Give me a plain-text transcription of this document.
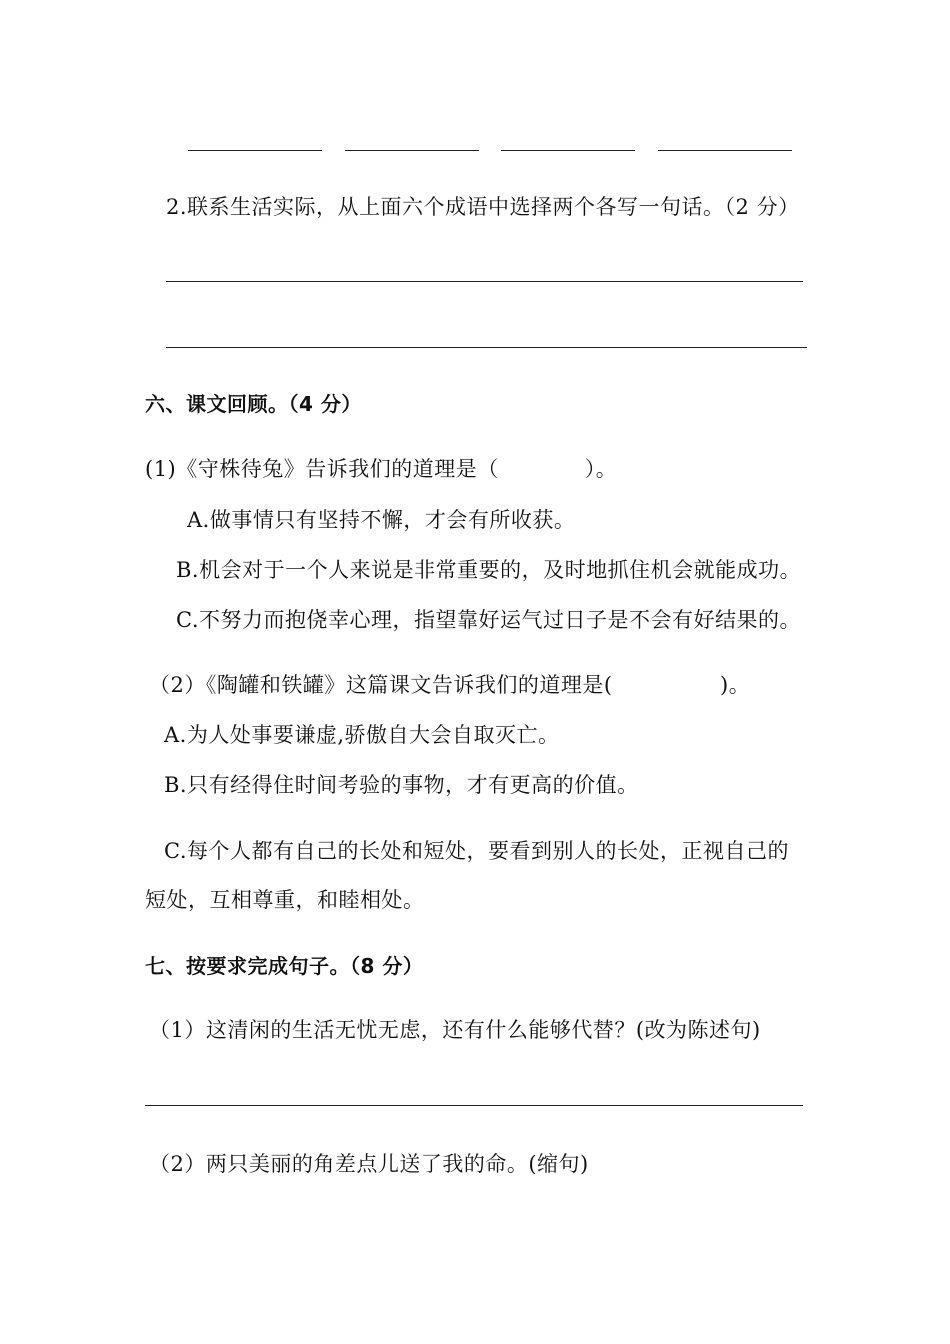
2.联系生活实际，从上面六个成语中选择两个各写一句话。（2 分）
六、课文回顾。（4 分）
(1)《守株待兔》告诉我们的道理是（　　　　）。
A.做事情只有坚持不懈，才会有所收获。
B.机会对于一个人来说是非常重要的，及时地抓住机会就能成功。
C.不努力而抱侥幸心理，指望靠好运气过日子是不会有好结果的。
（2）《陶罐和铁罐》这篇课文告诉我们的道理是(　　　　　)。
A.为人处事要谦虚,骄傲自大会自取灭亡。
B.只有经得住时间考验的事物，才有更高的价值。
C.每个人都有自己的长处和短处，要看到别人的长处，正视自己的
短处，互相尊重，和睦相处。
七、按要求完成句子。（8 分）
（1）这清闲的生活无忧无虑，还有什么能够代替？(改为陈述句)
（2）两只美丽的角差点儿送了我的命。(缩句)
